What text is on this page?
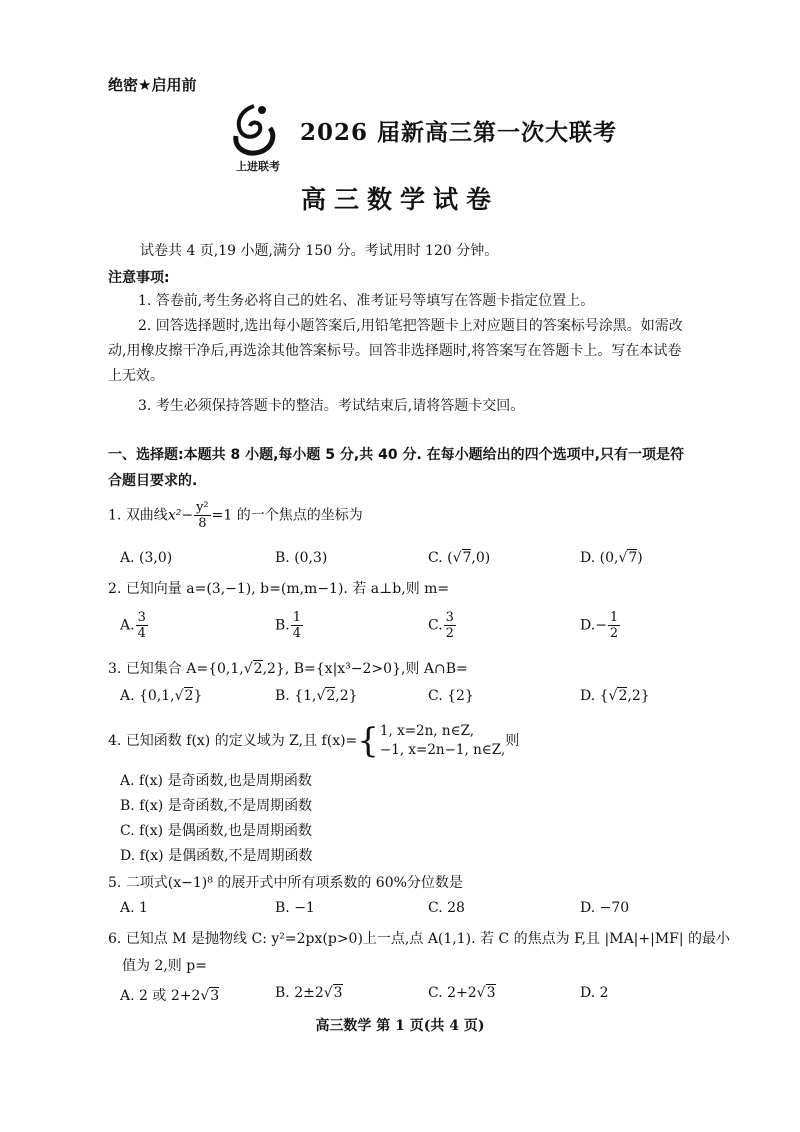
绝密★启用前
上进联考
2026 届新高三第一次大联考
高三数学试卷
试卷共 4 页,19 小题,满分 150 分。考试用时 120 分钟。
注意事项:
1. 答卷前,考生务必将自己的姓名、准考证号等填写在答题卡指定位置上。
2. 回答选择题时,选出每小题答案后,用铅笔把答题卡上对应题目的答案标号涂黑。如需改动,用橡皮擦干净后,再选涂其他答案标号。回答非选择题时,将答案写在答题卡上。写在本试卷上无效。
3. 考生必须保持答题卡的整洁。考试结束后,请将答题卡交回。
一、选择题:本题共 8 小题,每小题 5 分,共 40 分. 在每小题给出的四个选项中,只有一项是符合题目要求的.
1. 双曲线$x^2- \frac{\text{y²}}{8} =1$ 的一个焦点的坐标为
A. (3,0)	B. (0,3)	C. (√7,0)	D. (0,√7)
2. 已知向量 a=(3,−1), b=(m,m−1). 若 a⊥b,则 m=
A. $\frac{3}{4}$	B. $\frac{1}{4}$	C. $\frac{3}{2}$	$D.- \frac{1}{2}$
3. 已知集合 A={0,1,√2,2}, B={x|x³−2>0},则 A∩B=
A. {0,1,√2}	B. {1,√2,2}	C. {2}	D. {√2,2}
4. 已知函数 f(x) 的定义域为 Z,且 f(x)= { 1, x=2n, n∈Z,
−1, x=2n−1, n∈Z,
则
A. f(x) 是奇函数,也是周期函数
B. f(x) 是奇函数,不是周期函数
C. f(x) 是偶函数,也是周期函数
D. f(x) 是偶函数,不是周期函数
5. 二项式(x−1)⁸ 的展开式中所有项系数的 60%分位数是
A. 1	B. −1	C. 28	D. −70
6. 已知点 M 是抛物线 C: y²=2px(p>0)上一点,点 A(1,1). 若 C 的焦点为 F,且 |MA|+|MF| 的最小
值为 2,则 p=
A. 2 或 2+2√3	B. 2±2√3	C. 2+2√3	D. 2
高三数学 第 1 页(共 4 页)
